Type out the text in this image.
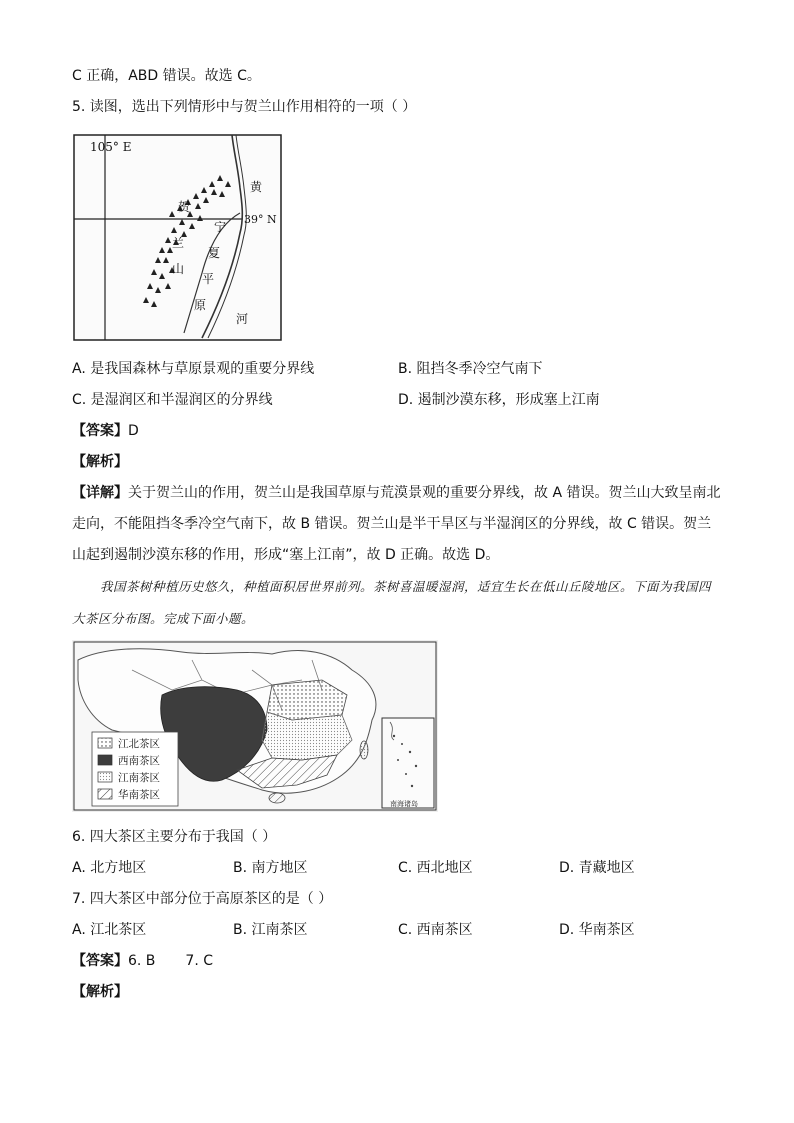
C 正确，ABD 错误。故选 C。
5. 读图，选出下列情形中与贺兰山作用相符的一项（ ）
105° E
39° N
贺
兰
山
黄
河
宁
夏
平
原
A. 是我国森林与草原景观的重要分界线	B. 阻挡冬季冷空气南下
C. 是湿润区和半湿润区的分界线	D. 遏制沙漠东移，形成塞上江南
【答案】D
【解析】
【详解】关于贺兰山的作用，贺兰山是我国草原与荒漠景观的重要分界线，故 A 错误。贺兰山大致呈南北走向，不能阻挡冬季冷空气南下，故 B 错误。贺兰山是半干旱区与半湿润区的分界线，故 C 错误。贺兰山起到遏制沙漠东移的作用，形成“塞上江南”，故 D 正确。故选 D。
我国茶树种植历史悠久，种植面积居世界前列。茶树喜温暖湿润，适宜生长在低山丘陵地区。下面为我国四大茶区分布图。完成下面小题。
南海诸岛
江北茶区
西南茶区
江南茶区
华南茶区
6. 四大茶区主要分布于我国（ ）
A. 北方地区	B. 南方地区	C. 西北地区	D. 青藏地区
7. 四大茶区中部分位于高原茶区的是（ ）
A. 江北茶区	B. 江南茶区	C. 西南茶区	D. 华南茶区
【答案】6. B 7. C
【解析】
